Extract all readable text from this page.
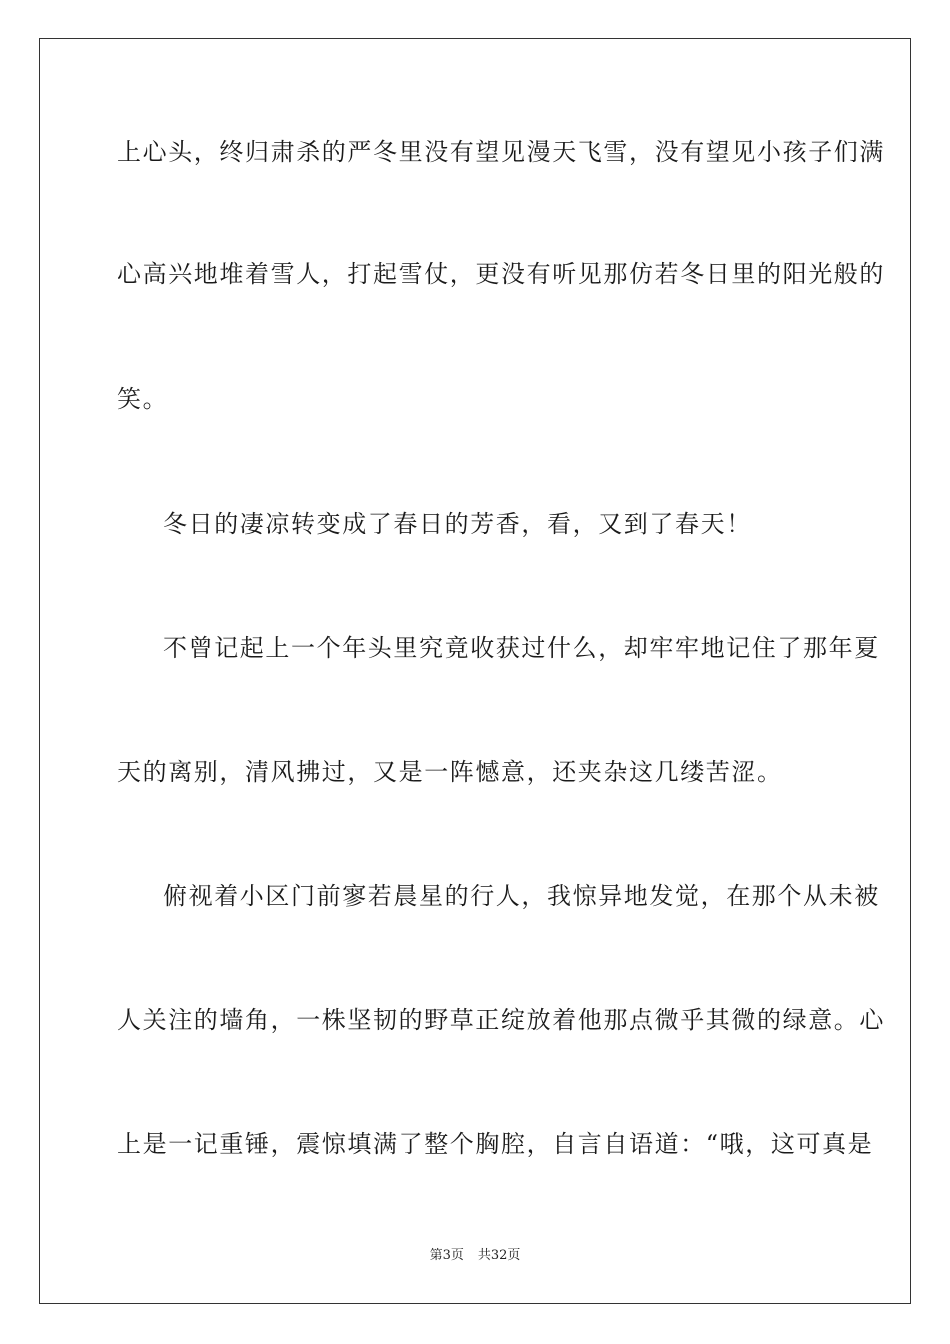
上心头，终归肃杀的严冬里没有望见漫天飞雪，没有望见小孩子们满
心高兴地堆着雪人，打起雪仗，更没有听见那仿若冬日里的阳光般的
笑。
冬日的凄凉转变成了春日的芳香，看，又到了春天！
不曾记起上一个年头里究竟收获过什么，却牢牢地记住了那年夏
天的离别，清风拂过，又是一阵憾意，还夹杂这几缕苦涩。
俯视着小区门前寥若晨星的行人，我惊异地发觉，在那个从未被
人关注的墙角，一株坚韧的野草正绽放着他那点微乎其微的绿意。心
上是一记重锤，震惊填满了整个胸腔，自言自语道：“哦，这可真是
第3页 共32页
